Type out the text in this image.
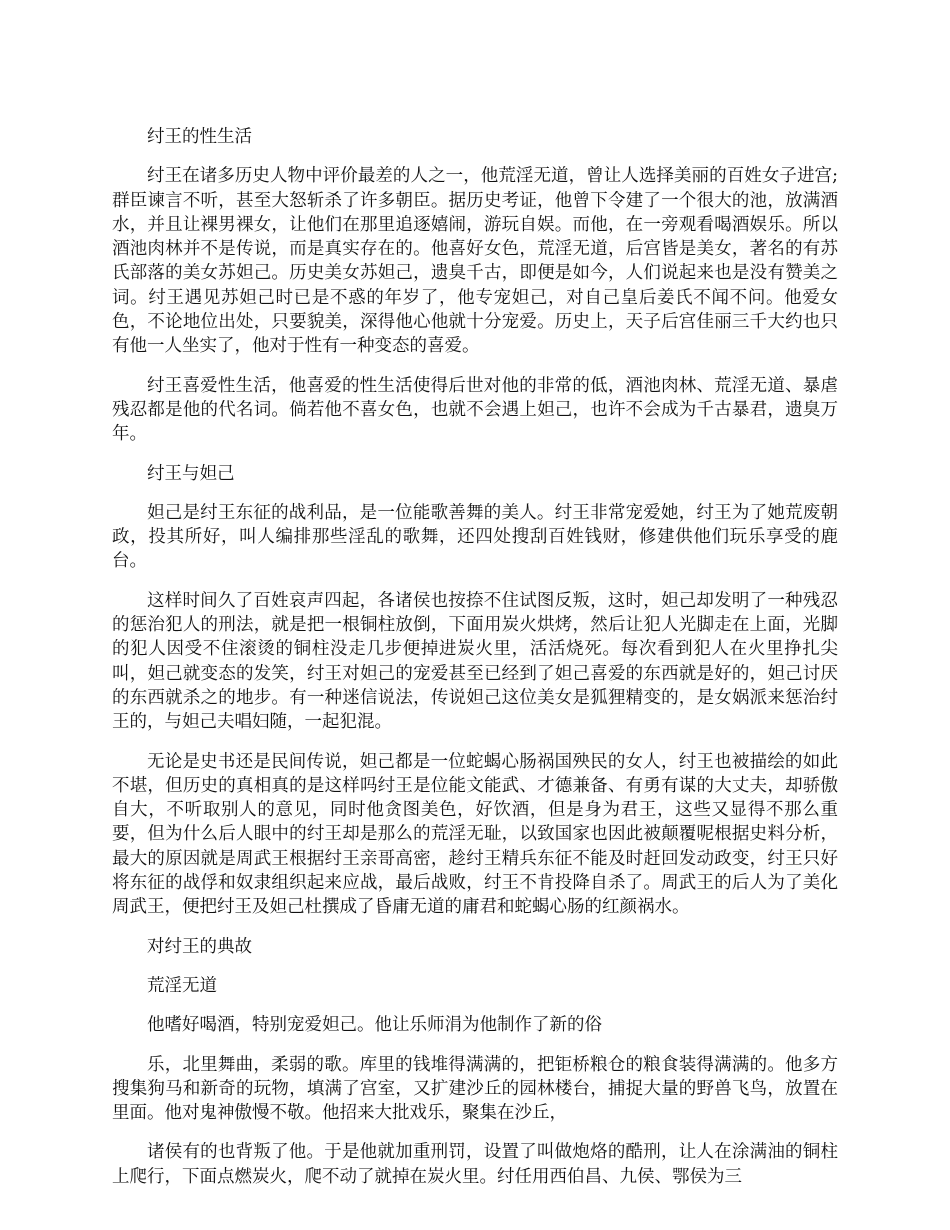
纣王的性生活

纣王在诸多历史人物中评价最差的人之一，他荒淫无道，曾让人选择美丽的百姓女子进宫;群臣谏言不听，甚至大怒斩杀了许多朝臣。据历史考证，他曾下令建了一个很大的池，放满酒水，并且让裸男裸女，让他们在那里追逐嬉闹，游玩自娱。而他，在一旁观看喝酒娱乐。所以酒池肉林并不是传说，而是真实存在的。他喜好女色，荒淫无道，后宫皆是美女，著名的有苏氏部落的美女苏妲己。历史美女苏妲己，遗臭千古，即便是如今，人们说起来也是没有赞美之词。纣王遇见苏妲己时已是不惑的年岁了，他专宠妲己，对自己皇后姜氏不闻不问。他爱女色，不论地位出处，只要貌美，深得他心他就十分宠爱。历史上，天子后宫佳丽三千大约也只有他一人坐实了，他对于性有一种变态的喜爱。

纣王喜爱性生活，他喜爱的性生活使得后世对他的非常的低，酒池肉林、荒淫无道、暴虐残忍都是他的代名词。倘若他不喜女色，也就不会遇上妲己，也许不会成为千古暴君，遗臭万年。

纣王与妲己

妲己是纣王东征的战利品，是一位能歌善舞的美人。纣王非常宠爱她，纣王为了她荒废朝政，投其所好，叫人编排那些淫乱的歌舞，还四处搜刮百姓钱财，修建供他们玩乐享受的鹿台。

这样时间久了百姓哀声四起，各诸侯也按捺不住试图反叛，这时，妲己却发明了一种残忍的惩治犯人的刑法，就是把一根铜柱放倒，下面用炭火烘烤，然后让犯人光脚走在上面，光脚的犯人因受不住滚烫的铜柱没走几步便掉进炭火里，活活烧死。每次看到犯人在火里挣扎尖叫，妲己就变态的发笑，纣王对妲己的宠爱甚至已经到了妲己喜爱的东西就是好的，妲己讨厌的东西就杀之的地步。有一种迷信说法，传说妲己这位美女是狐狸精变的，是女娲派来惩治纣王的，与妲己夫唱妇随，一起犯混。

无论是史书还是民间传说，妲己都是一位蛇蝎心肠祸国殃民的女人，纣王也被描绘的如此不堪，但历史的真相真的是这样吗纣王是位能文能武、才德兼备、有勇有谋的大丈夫，却骄傲自大，不听取别人的意见，同时他贪图美色，好饮酒，但是身为君王，这些又显得不那么重要，但为什么后人眼中的纣王却是那么的荒淫无耻，以致国家也因此被颠覆呢根据史料分析，最大的原因就是周武王根据纣王亲哥高密，趁纣王精兵东征不能及时赶回发动政变，纣王只好将东征的战俘和奴隶组织起来应战，最后战败，纣王不肯投降自杀了。周武王的后人为了美化周武王，便把纣王及妲己杜撰成了昏庸无道的庸君和蛇蝎心肠的红颜祸水。

对纣王的典故

荒淫无道

他嗜好喝酒，特别宠爱妲己。他让乐师涓为他制作了新的俗

乐，北里舞曲，柔弱的歌。库里的钱堆得满满的，把钜桥粮仓的粮食装得满满的。他多方搜集狗马和新奇的玩物，填满了宫室，又扩建沙丘的园林楼台，捕捉大量的野兽飞鸟，放置在里面。他对鬼神傲慢不敬。他招来大批戏乐，聚集在沙丘，

诸侯有的也背叛了他。于是他就加重刑罚，设置了叫做炮烙的酷刑，让人在涂满油的铜柱上爬行，下面点燃炭火，爬不动了就掉在炭火里。纣任用西伯昌、九侯、鄂侯为三
